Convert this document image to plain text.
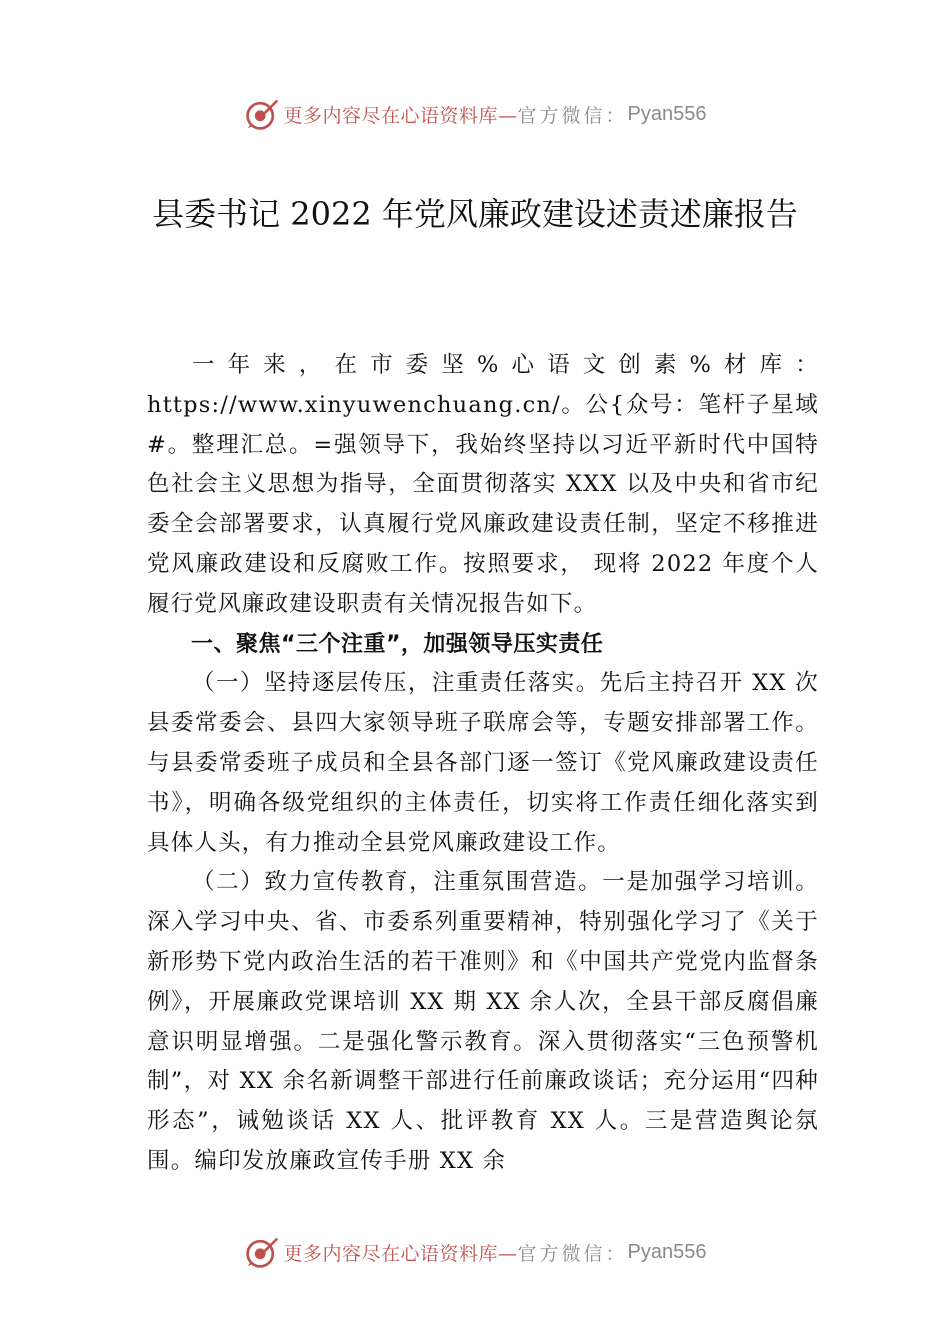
更多内容尽在心语资料库— 官方微信： Pyan556
县委书记 2022 年党风廉政建设述责述廉报告

一年来，在市委坚%心语文创素%材库：https://www.xinyuwenchuang.cn/。公{众号：笔杆子星域#。整理汇总。=强领导下，我始终坚持以习近平新时代中国特色社会主义思想为指导，全面贯彻落实 XXX 以及中央和省市纪委全会部署要求，认真履行党风廉政建设责任制，坚定不移推进党风廉政建设和反腐败工作。按照要求， 现将 2022 年度个人履行党风廉政建设职责有关情况报告如下。

一、聚焦“三个注重”，加强领导压实责任

（一）坚持逐层传压，注重责任落实。先后主持召开 XX 次县委常委会、县四大家领导班子联席会等，专题安排部署工作。与县委常委班子成员和全县各部门逐一签订《党风廉政建设责任书》，明确各级党组织的主体责任，切实将工作责任细化落实到具体人头，有力推动全县党风廉政建设工作。

（二）致力宣传教育，注重氛围营造。一是加强学习培训。深入学习中央、省、市委系列重要精神，特别强化学习了《关于新形势下党内政治生活的若干准则》和《中国共产党党内监督条例》，开展廉政党课培训 XX 期 XX 余人次，全县干部反腐倡廉意识明显增强。二是强化警示教育。深入贯彻落实“三色预警机制”，对 XX 余名新调整干部进行任前廉政谈话；充分运用“四种形态”，诫勉谈话 XX 人、批评教育 XX 人。三是营造舆论氛围。编印发放廉政宣传手册 XX 余

更多内容尽在心语资料库— 官方微信： Pyan556
